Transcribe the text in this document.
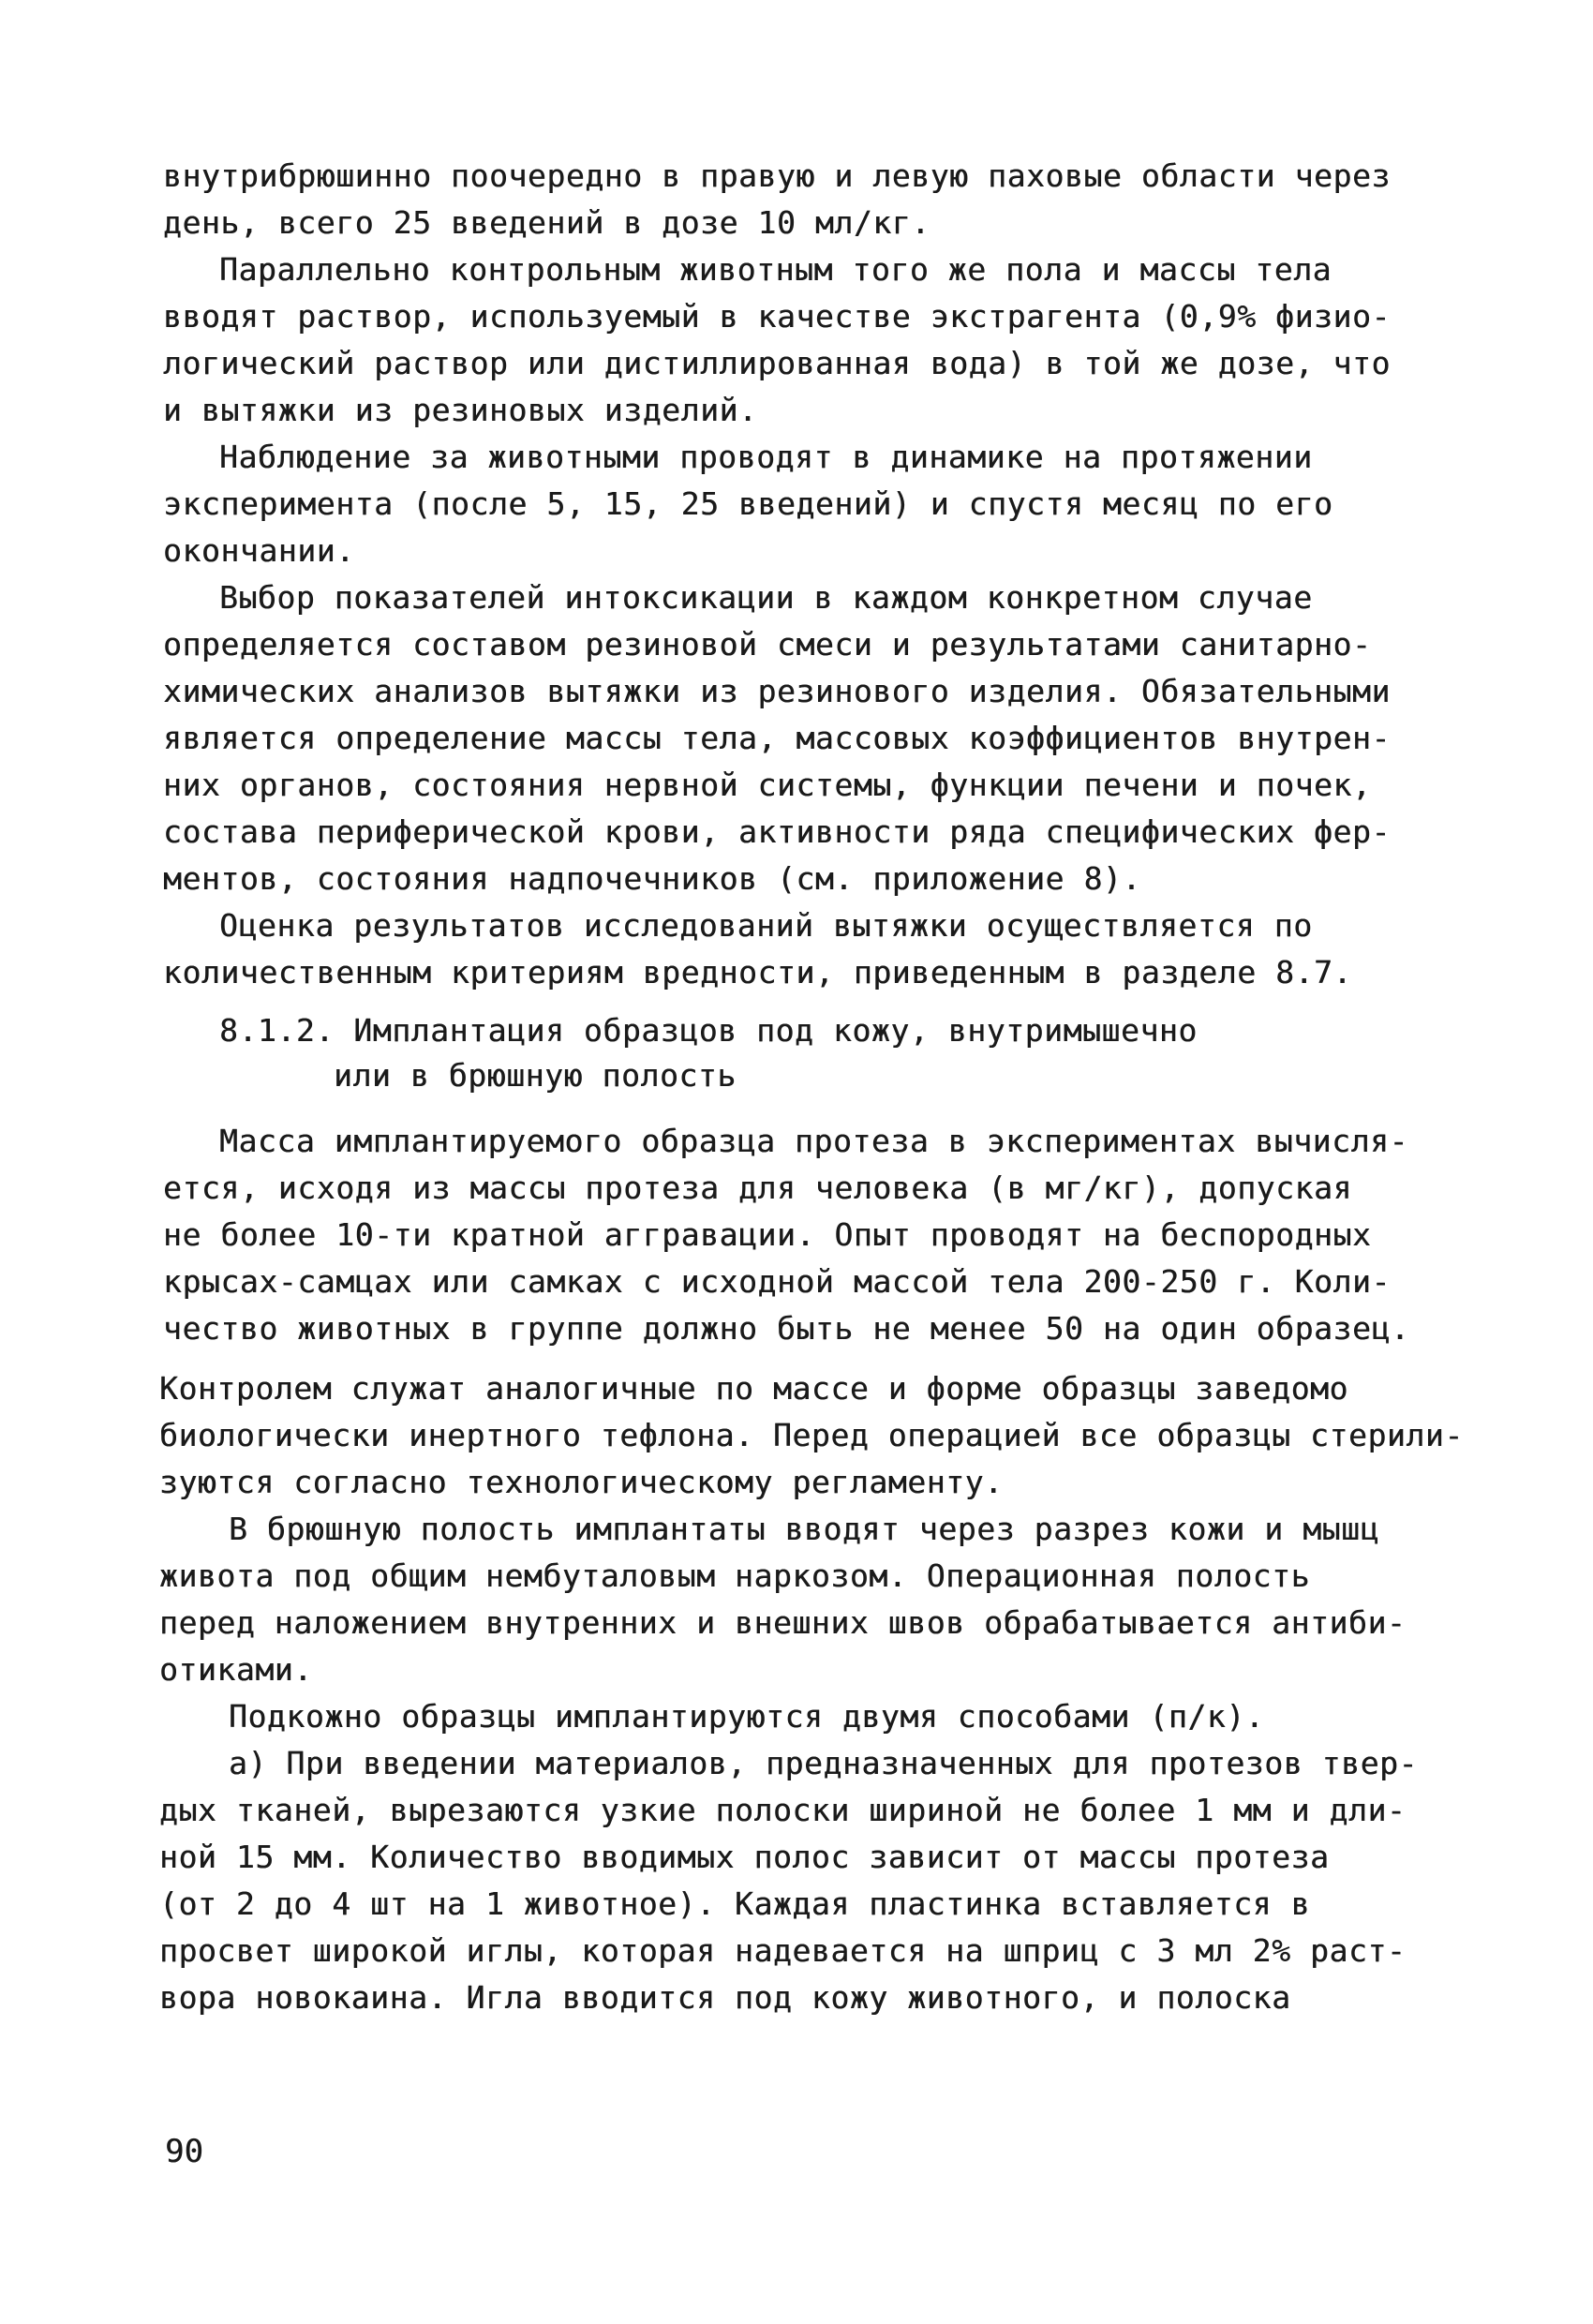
внутрибрюшинно поочередно в правую и левую паховые области через
день, всего 25 введений в дозе 10 мл/кг.
Параллельно контрольным животным того же пола и массы тела
вводят раствор, используемый в качестве экстрагента (0,9% физио-
логический раствор или дистиллированная вода) в той же дозе, что
и вытяжки из резиновых изделий.
Наблюдение за животными проводят в динамике на протяжении
эксперимента (после 5, 15, 25 введений) и спустя месяц по его
окончании.
Выбор показателей интоксикации в каждом конкретном случае
определяется составом резиновой смеси и результатами санитарно-
химических анализов вытяжки из резинового изделия. Обязательными
является определение массы тела, массовых коэффициентов внутрен-
них органов, состояния нервной системы, функции печени и почек,
состава периферической крови, активности ряда специфических фер-
ментов, состояния надпочечников (см. приложение 8).
Оценка результатов исследований вытяжки осуществляется по
количественным критериям вредности, приведенным в разделе 8.7.
8.1.2. Имплантация образцов под кожу, внутримышечно
или в брюшную полость
Масса имплантируемого образца протеза в экспериментах вычисля-
ется, исходя из массы протеза для человека (в мг/кг), допуская
не более 10-ти кратной аггравации. Опыт проводят на беспородных
крысах-самцах или самках с исходной массой тела 200-250 г. Коли-
чество животных в группе должно быть не менее 50 на один образец.
Контролем служат аналогичные по массе и форме образцы заведомо
биологически инертного тефлона. Перед операцией все образцы стерили-
зуются согласно технологическому регламенту.
В брюшную полость имплантаты вводят через разрез кожи и мышц
живота под общим нембуталовым наркозом. Операционная полость
перед наложением внутренних и внешних швов обрабатывается антиби-
отиками.
Подкожно образцы имплантируются двумя способами (п/к).
а) При введении материалов, предназначенных для протезов твер-
дых тканей, вырезаются узкие полоски шириной не более 1 мм и дли-
ной 15 мм. Количество вводимых полос зависит от массы протеза
(от 2 до 4 шт на 1 животное). Каждая пластинка вставляется в
просвет широкой иглы, которая надевается на шприц с 3 мл 2% раст-
вора новокаина. Игла вводится под кожу животного, и полоска
90
